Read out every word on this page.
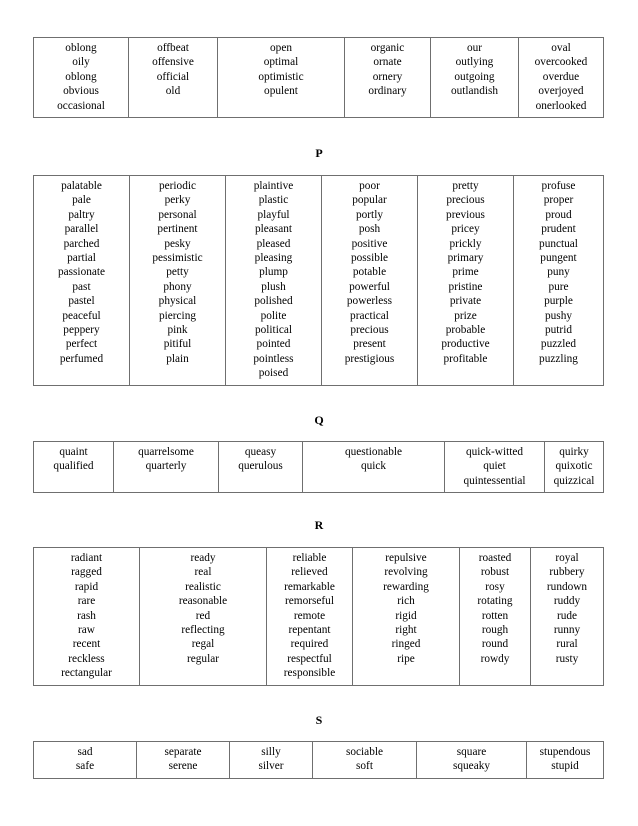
oblong
oily
oblong
obvious
occasional

offbeat
offensive
official
old

open
optimal
optimistic
opulent

organic
ornate
ornery
ordinary

our
outlying
outgoing
outlandish

oval
overcooked
overdue
overjoyed
onerlooked
P
palatable
pale
paltry
parallel
parched
partial
passionate
past
pastel
peaceful
peppery
perfect
perfumed

periodic
perky
personal
pertinent
pesky
pessimistic
petty
phony
physical
piercing
pink
pitiful
plain

plaintive
plastic
playful
pleasant
pleased
pleasing
plump
plush
polished
polite
political
pointed
pointless
poised

poor
popular
portly
posh
positive
possible
potable
powerful
powerless
practical
precious
present
prestigious

pretty
precious
previous
pricey
prickly
primary
prime
pristine
private
prize
probable
productive
profitable

profuse
proper
proud
prudent
punctual
pungent
puny
pure
purple
pushy
putrid
puzzled
puzzling
Q
quaint
qualified

quarrelsome
quarterly

queasy
querulous

questionable
quick

quick-witted
quiet
quintessential

quirky
quixotic
quizzical
R
radiant
ragged
rapid
rare
rash
raw
recent
reckless
rectangular

ready
real
realistic
reasonable
red
reflecting
regal
regular

reliable
relieved
remarkable
remorseful
remote
repentant
required
respectful
responsible

repulsive
revolving
rewarding
rich
rigid
right
ringed
ripe

roasted
robust
rosy
rotating
rotten
rough
round
rowdy

royal
rubbery
rundown
ruddy
rude
runny
rural
rusty
S
sad
safe

separate
serene

silly
silver

sociable
soft

square
squeaky

stupendous
stupid
